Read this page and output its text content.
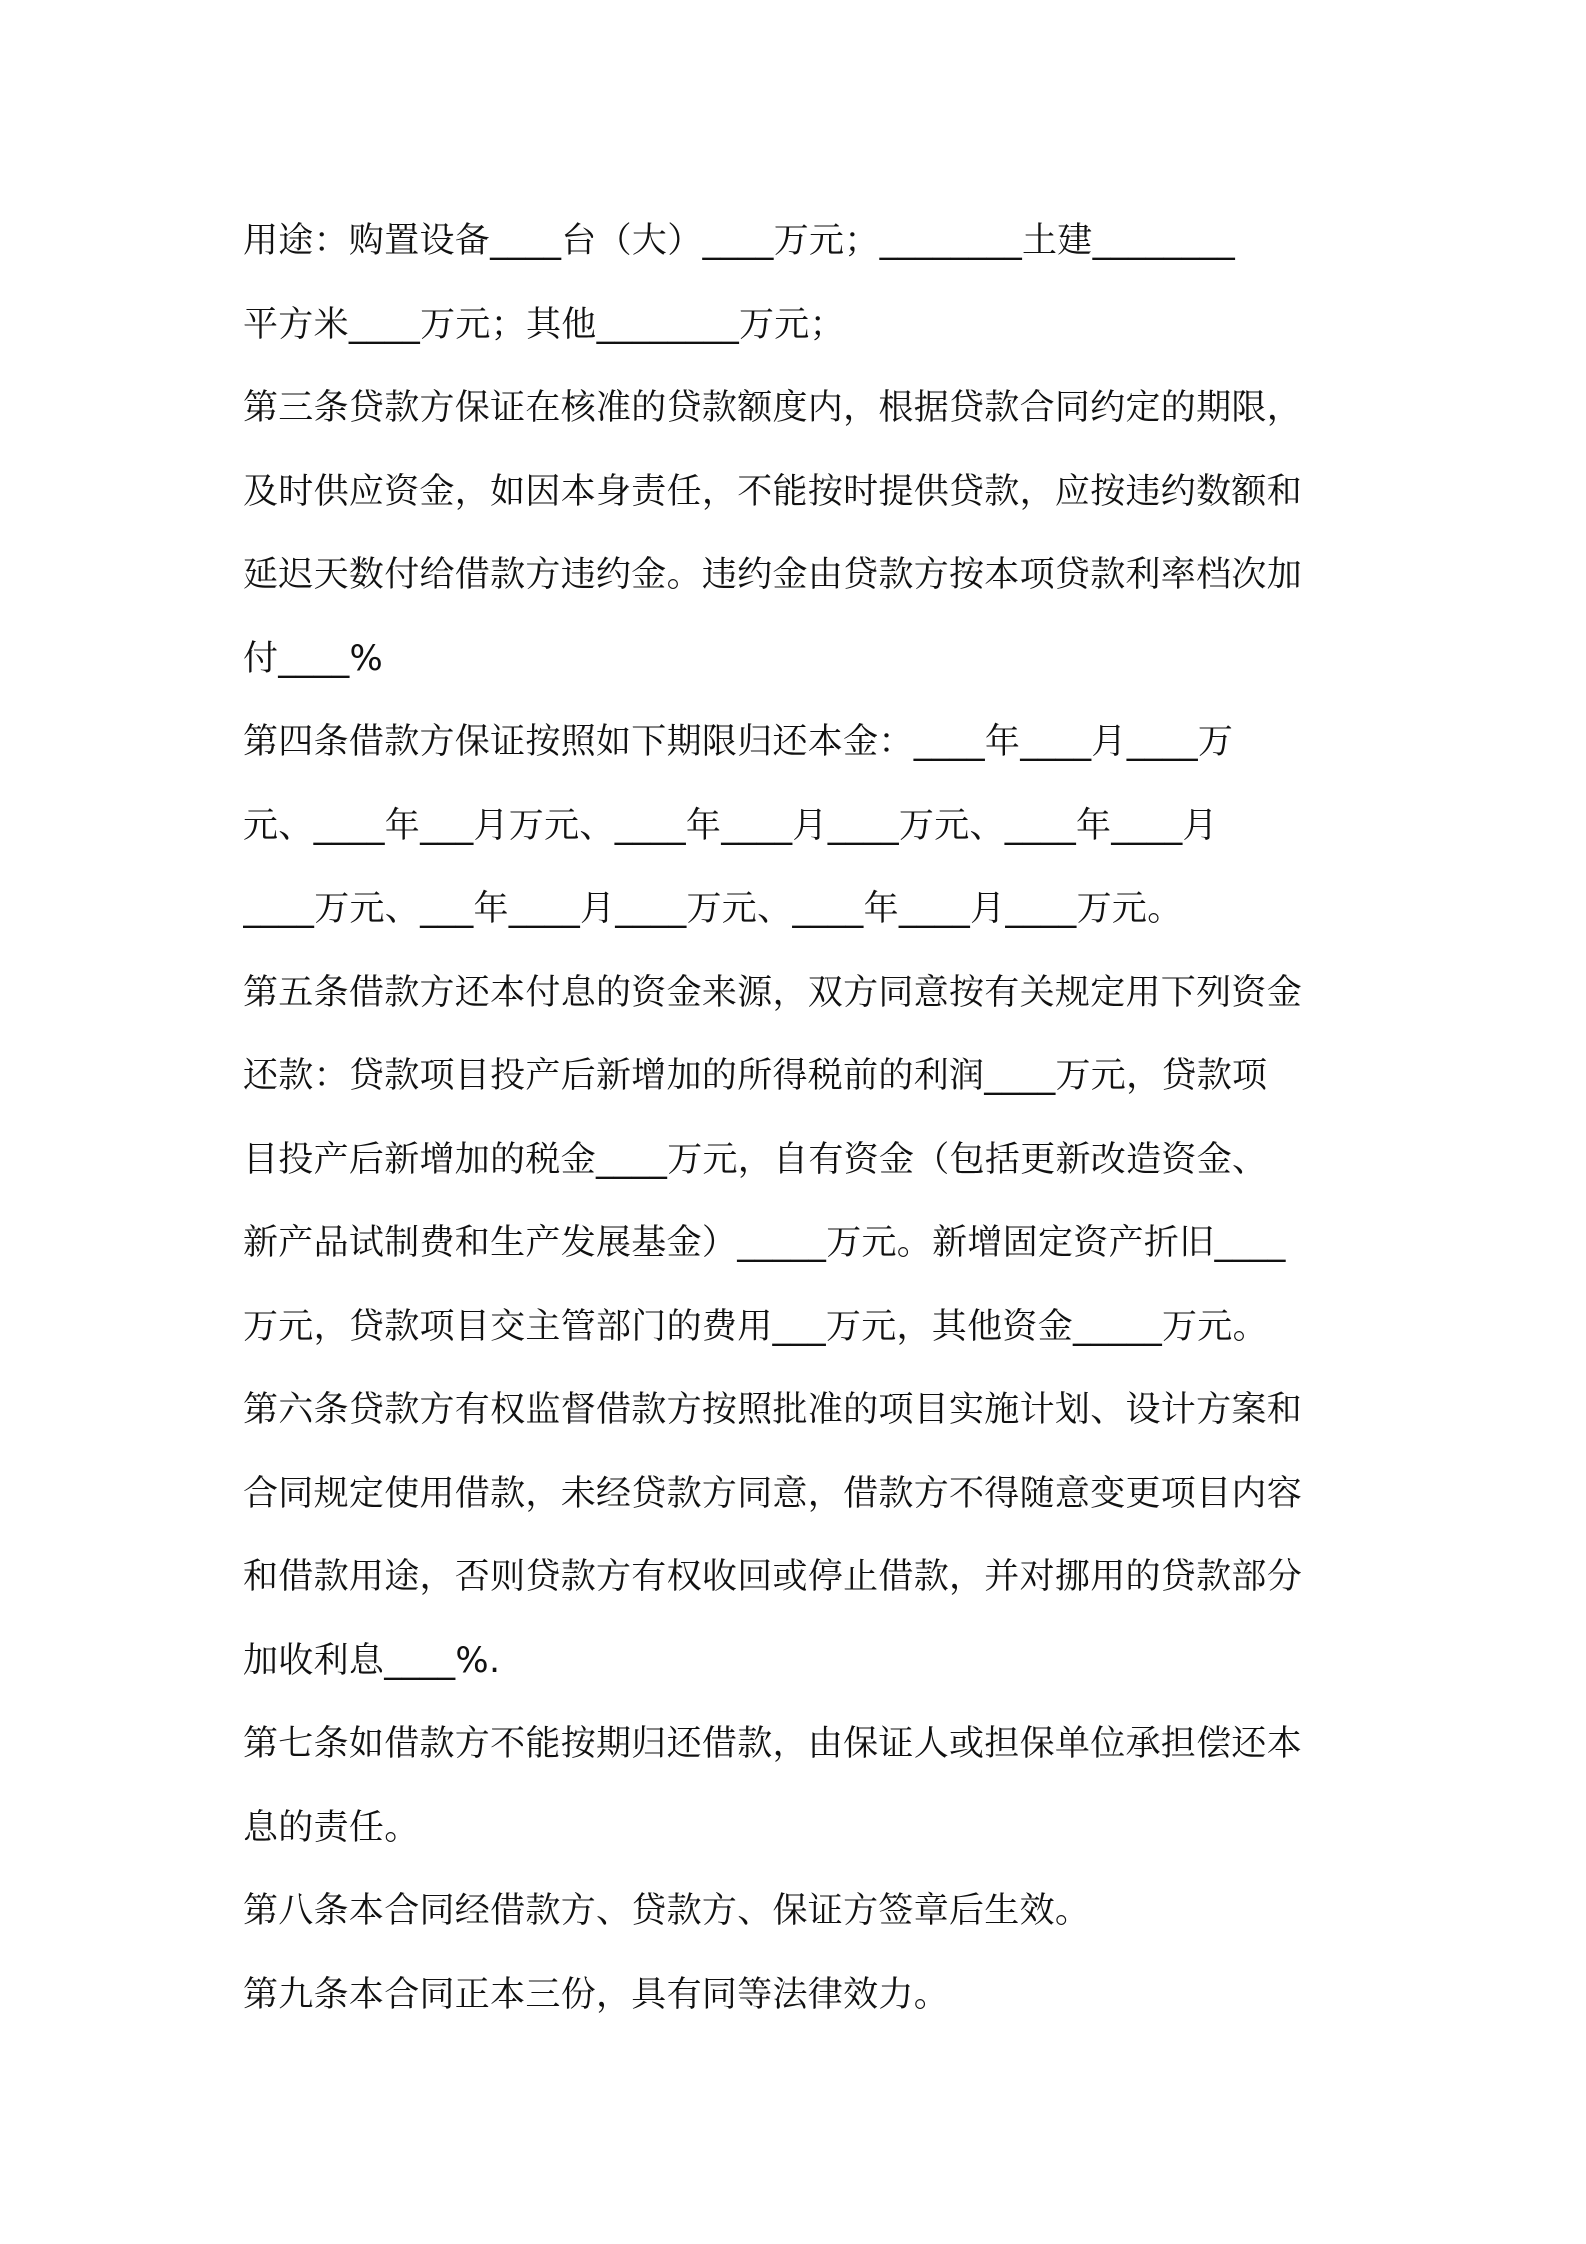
用途：购置设备____台（大）____万元；________土建________
平方米____万元；其他________万元；
第三条贷款方保证在核准的贷款额度内，根据贷款合同约定的期限，
及时供应资金，如因本身责任，不能按时提供贷款，应按违约数额和
延迟天数付给借款方违约金。违约金由贷款方按本项贷款利率档次加
付____%
第四条借款方保证按照如下期限归还本金：____年____月____万
元、____年___月万元、____年____月____万元、____年____月
____万元、___年____月____万元、____年____月____万元。
第五条借款方还本付息的资金来源，双方同意按有关规定用下列资金
还款：贷款项目投产后新增加的所得税前的利润____万元，贷款项
目投产后新增加的税金____万元，自有资金（包括更新改造资金、
新产品试制费和生产发展基金）_____万元。新增固定资产折旧____
万元，贷款项目交主管部门的费用___万元，其他资金_____万元。
第六条贷款方有权监督借款方按照批准的项目实施计划、设计方案和
合同规定使用借款，未经贷款方同意，借款方不得随意变更项目内容
和借款用途，否则贷款方有权收回或停止借款，并对挪用的贷款部分
加收利息____%.
第七条如借款方不能按期归还借款，由保证人或担保单位承担偿还本
息的责任。
第八条本合同经借款方、贷款方、保证方签章后生效。
第九条本合同正本三份，具有同等法律效力。
